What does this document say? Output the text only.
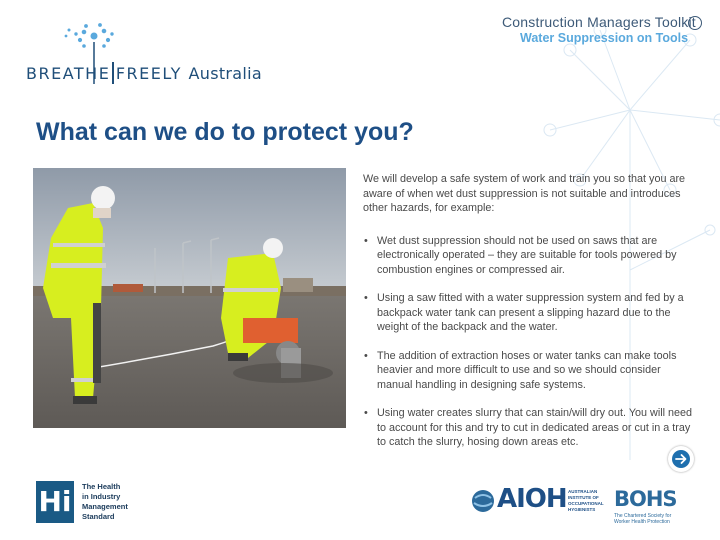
BREATHE FREELY Australia
Construction Managers Toolkit
Water Suppression on Tools
What can we do to protect you?

We will develop a safe system of work and train you so that you are aware of when wet dust suppression is not suitable and introduces other hazards, for example:

• Wet dust suppression should not be used on saws that are electronically operated – they are suitable for tools powered by combustion engines or compressed air.
• Using a saw fitted with a water suppression system and fed by a backpack water tank can present a slipping hazard due to the weight of the backpack and the water.
• The addition of extraction hoses or water tanks can make tools heavier and more difficult to use and so we should consider manual handling in designing safe systems.
• Using water creates slurry that can stain/will dry out. You will need to account for this and try to cut in dedicated areas or cut in a tray to catch the slurry, hosing down areas etc.
Hi	The Health
in Industry
Management
Standard
AIOH AUSTRALIAN
INSTITUTE OF
OCCUPATIONAL
HYGIENISTS BOHS
The Chartered Society for
Worker Health Protection
